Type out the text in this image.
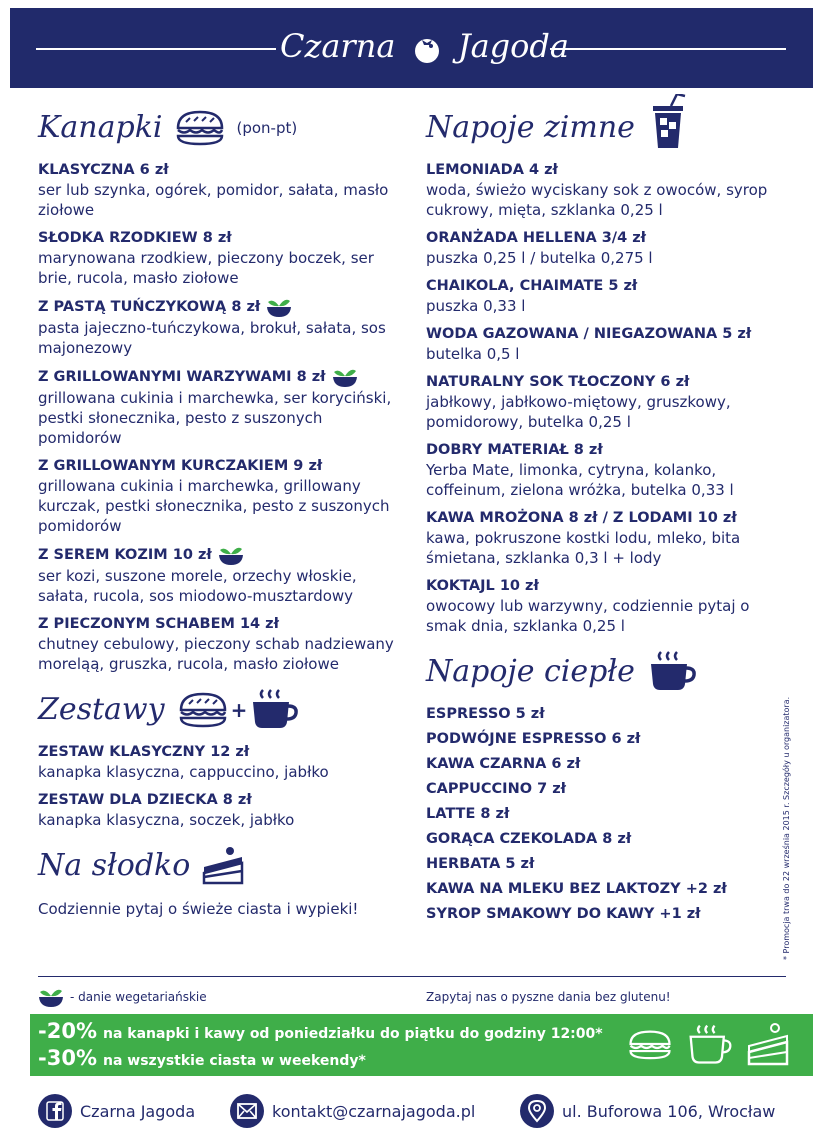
Czarna Jagoda
Kanapki	(pon-pt)
KLASYCZNA 6 zł
ser lub szynka, ogórek, pomidor, sałata, masło ziołowe
SŁODKA RZODKIEW 8 zł
marynowana rzodkiew, pieczony boczek, ser brie, rucola, masło ziołowe
Z PASTĄ TUŃCZYKOWĄ 8 zł
pasta jajeczno-tuńczykowa, brokuł, sałata, sos majonezowy
Z GRILLOWANYMI WARZYWAMI 8 zł
grillowana cukinia i marchewka, ser koryciński, pestki słonecznika, pesto z suszonych pomidorów
Z GRILLOWANYM KURCZAKIEM 9 zł
grillowana cukinia i marchewka, grillowany kurczak, pestki słonecznika, pesto z suszonych pomidorów
Z SEREM KOZIM 10 zł
ser kozi, suszone morele, orzechy włoskie, sałata, rucola, sos miodowo-musztardowy
Z PIECZONYM SCHABEM 14 zł
chutney cebulowy, pieczony schab nadziewany moreląą, gruszka, rucola, masło ziołowe
Zestawy	+
ZESTAW KLASYCZNY 12 zł
kanapka klasyczna, cappuccino, jabłko
ZESTAW DLA DZIECKA 8 zł
kanapka klasyczna, soczek, jabłko
Na słodko
Codziennie pytaj o świeże ciasta i wypieki!
Napoje zimne
LEMONIADA 4 zł
woda, świeżo wyciskany sok z owoców, syrop cukrowy, mięta, szklanka 0,25 l
ORANŻADA HELLENA 3/4 zł
puszka 0,25 l / butelka 0,275 l
CHAIKOLA, CHAIMATE 5 zł
puszka 0,33 l
WODA GAZOWANA / NIEGAZOWANA 5 zł
butelka 0,5 l
NATURALNY SOK TŁOCZONY 6 zł
jabłkowy, jabłkowo-miętowy, gruszkowy, pomidorowy, butelka 0,25 l
DOBRY MATERIAŁ 8 zł
Yerba Mate, limonka, cytryna, kolanko, coffeinum, zielona wróżka, butelka 0,33 l
KAWA MROŻONA 8 zł / Z LODAMI 10 zł
kawa, pokruszone kostki lodu, mleko, bita śmietana, szklanka 0,3 l + lody
KOKTAJL 10 zł
owocowy lub warzywny, codziennie pytaj o smak dnia, szklanka 0,25 l
Napoje ciepłe
ESPRESSO 5 zł
PODWÓJNE ESPRESSO 6 zł
KAWA CZARNA 6 zł
CAPPUCCINO 7 zł
LATTE 8 zł
GORĄCA CZEKOLADA 8 zł
HERBATA 5 zł
KAWA NA MLEKU BEZ LAKTOZY +2 zł
SYROP SMAKOWY DO KAWY +1 zł	* Promocja trwa do 22 września 2015 r. Szczegóły u organizatora.
- danie wegetariańskie	Zapytaj nas o pyszne dania bez glutenu!
-20% na kanapki i kawy od poniedziałku do piątku do godziny 12:00*
-30% na wszystkie ciasta w weekendy*
Czarna Jagoda	kontakt@czarnajagoda.pl	ul. Buforowa 106, Wrocław
